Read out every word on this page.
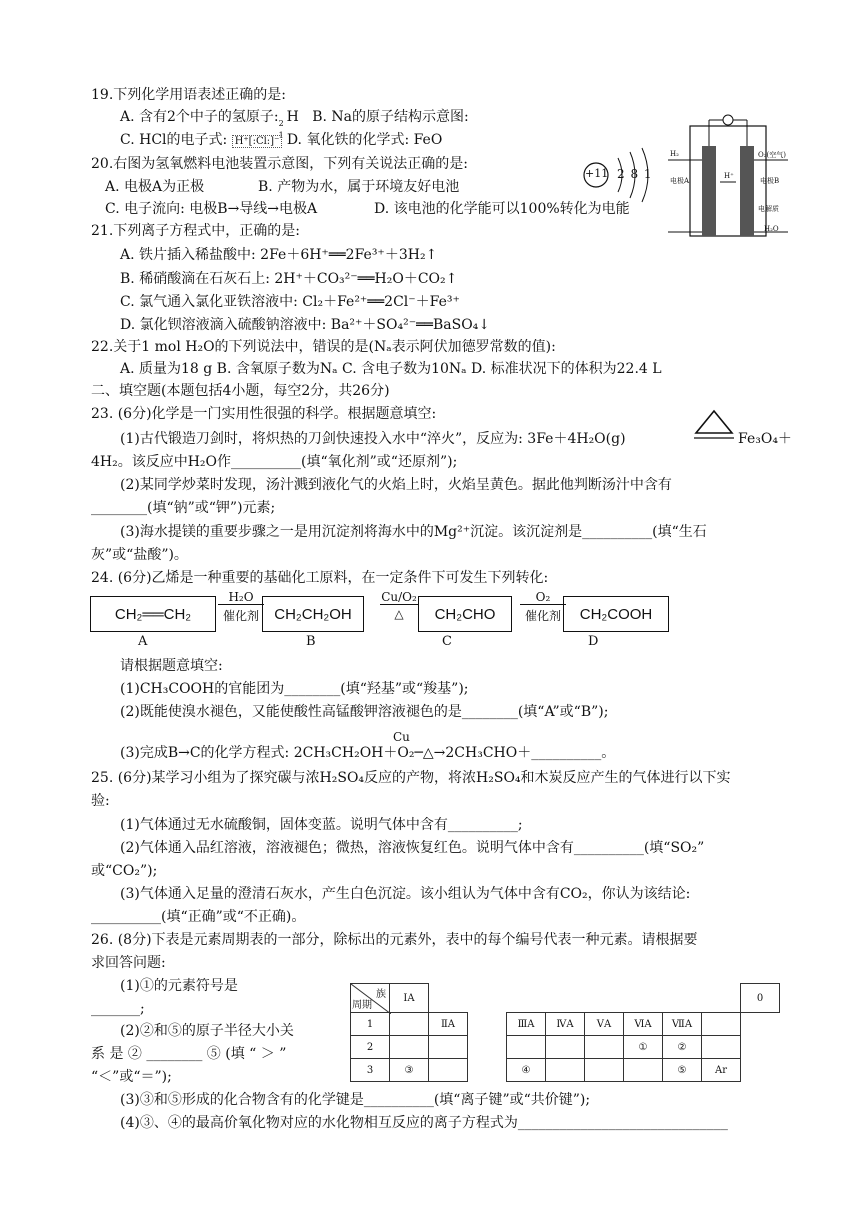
19.下列化学用语表述正确的是:
A. 含有2个中子的氢原子: 2
1
H B. Na的原子结构示意图:
C. HCl的电子式: H⁺[:Cl:]⁻ D. 氧化铁的化学式: FeO
+11 2 8 1
H₂	O₂(空气)
电极A	电极B
H⁺
电解质
H₂O
20.右图为氢氧燃料电池装置示意图，下列有关说法正确的是:
A. 电极A为正极	B. 产物为水，属于环境友好电池
C. 电子流向: 电极B→导线→电极A	D. 该电池的化学能可以100%转化为电能
21.下列离子方程式中，正确的是:
A. 铁片插入稀盐酸中: 2Fe＋6H⁺══2Fe³⁺＋3H₂↑
B. 稀硝酸滴在石灰石上: 2H⁺＋CO₃²⁻══H₂O＋CO₂↑
C. 氯气通入氯化亚铁溶液中: Cl₂＋Fe²⁺══2Cl⁻＋Fe³⁺
D. 氯化钡溶液滴入硫酸钠溶液中: Ba²⁺＋SO₄²⁻══BaSO₄↓
22.关于1 mol H₂O的下列说法中，错误的是(Nₐ表示阿伏加德罗常数的值):
A. 质量为18 g B. 含氧原子数为Nₐ C. 含电子数为10Nₐ D. 标准状况下的体积为22.4 L
二、填空题(本题包括4小题，每空2分，共26分)
23. (6分)化学是一门实用性很强的科学。根据题意填空:
(1)古代锻造刀剑时，将炽热的刀剑快速投入水中“淬火”，反应为: 3Fe＋4H₂O(g)	Fe₃O₄＋
4H₂。该反应中H₂O作__________(填“氧化剂”或“还原剂”);
(2)某同学炒菜时发现，汤汁溅到液化气的火焰上时，火焰呈黄色。据此他判断汤汁中含有
________(填“钠”或“钾”)元素;
(3)海水提镁的重要步骤之一是用沉淀剂将海水中的Mg²⁺沉淀。该沉淀剂是__________(填“生石
灰”或“盐酸”)。
24. (6分)乙烯是一种重要的基础化工原料，在一定条件下可发生下列转化:
CH₂══CH₂
H₂O
催化剂	CH₂CH₂OH
Cu/O₂
△	CH₂CHO
O₂
催化剂	CH₂COOH
A	B	C	D
请根据题意填空:
(1)CH₃COOH的官能团为________(填“羟基”或“羧基”);
(2)既能使溴水褪色，又能使酸性高锰酸钾溶液褪色的是________(填“A”或“B”);
Cu
(3)完成B→C的化学方程式: 2CH₃CH₂OH＋O₂─△→2CH₃CHO＋__________。
25. (6分)某学习小组为了探究碳与浓H₂SO₄反应的产物，将浓H₂SO₄和木炭反应产生的气体进行以下实
验:
(1)气体通过无水硫酸铜，固体变蓝。说明气体中含有__________;
(2)气体通入品红溶液，溶液褪色；微热，溶液恢复红色。说明气体中含有__________(填“SO₂”
或“CO₂”);
(3)气体通入足量的澄清石灰水，产生白色沉淀。该小组认为气体中含有CO₂，你认为该结论:
__________(填“正确”或“不正确)。
26. (8分)下表是元素周期表的一部分，除标出的元素外，表中的每个编号代表一种元素。请根据要
求回答问题:
(1)①的元素符号是
_______;
(2)②和⑤的原子半径大小关
系 是 ② ________ ⑤ (填 “ ＞ ”
“＜”或“＝”);
(3)③和⑤形成的化合物含有的化学键是__________(填“离子键”或“共价键”);
(4)③、④的最高价氧化物对应的水化物相互反应的离子方程式为______________________________
族
周期	ⅠA									0
1		ⅡA		ⅢA	ⅣA	ⅤA	ⅥA	ⅦA		
2							①	②		
3	③			④				⑤	Ar	
